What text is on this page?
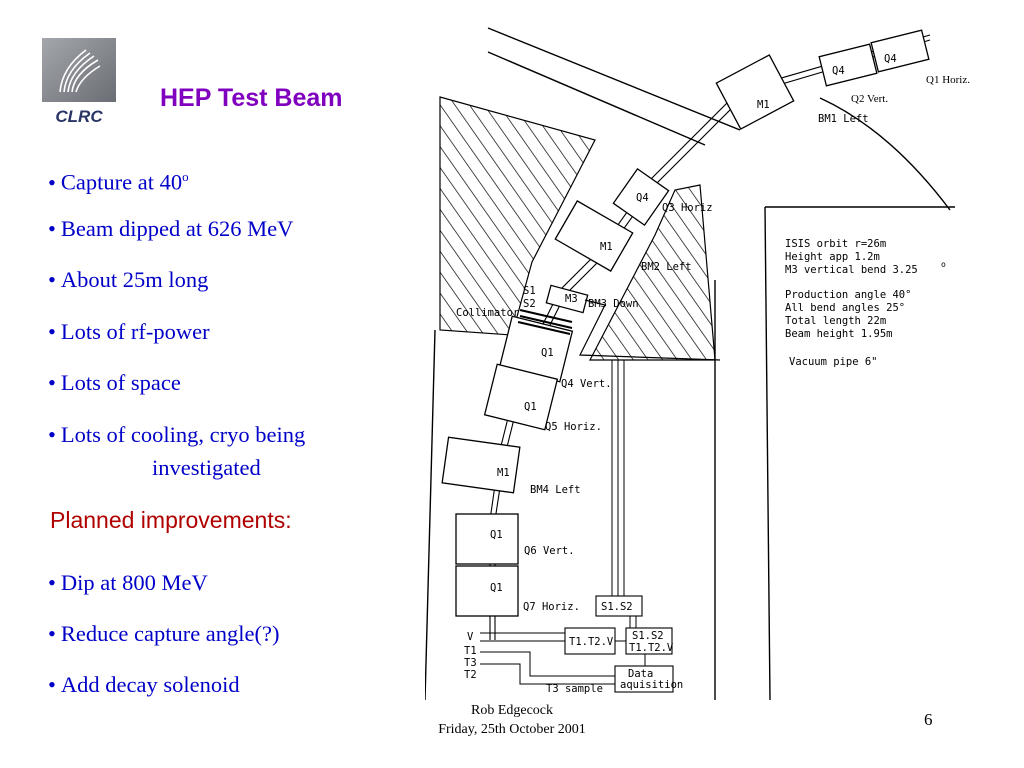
CLRC
HEP Test Beam
• Capture at 40$^o$
• Beam dipped at 626 MeV
• About 25m long
• Lots of rf-power
• Lots of space
• Lots of cooling, cryo being
investigated
Planned improvements:
• Dip at 800 MeV
• Reduce capture angle(?)
• Add decay solenoid
Q1 Horiz.
Q2 Vert.
Q4
Q4
M1
BM1 Left
Q4
Q3 Horiz
M1
BM2 Left
S1
S2	M3 BM3 Down
Collimator
Q1
Q4 Vert.
Q1
Q5 Horiz.
M1
BM4 Left
Q1
Q6 Vert.
Q1
Q7 Horiz. S1.S2
T1.T2.V S1.S2
T1.T2.V
Data
aquisition
T3 sample
V
T1
T3
T2
ISIS orbit r=26m
Height app 1.2m
M3 vertical bend 3.25	o
Production angle 40°
All bend angles 25°
Total length 22m
Beam height 1.95m
Vacuum pipe 6"
Rob Edgecock
Friday, 25th October 2001
6
